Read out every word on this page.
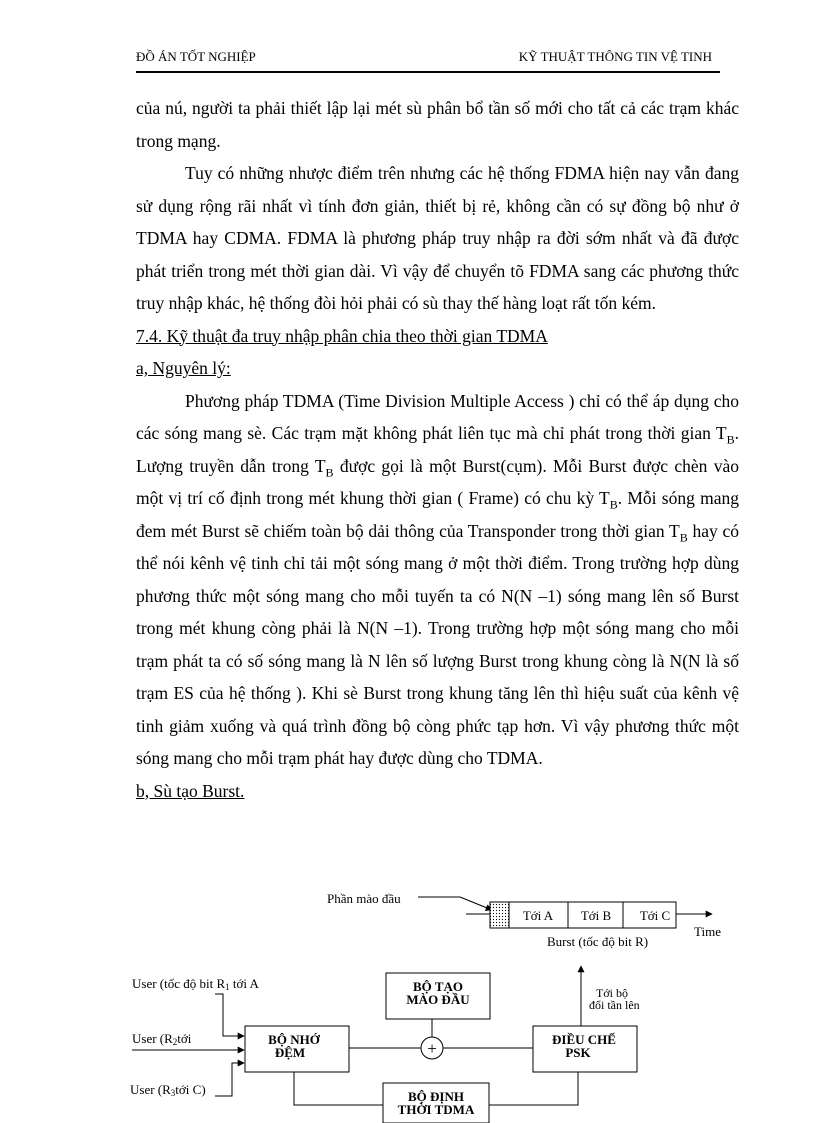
ĐỒ ÁN TỐT NGHIỆP	KỸ THUẬT THÔNG TIN VỆ TINH

của nú, người ta phải thiết lập lại mét sù phân bổ tần số mới cho tất cả các trạm khác trong mạng.

Tuy có những nhược điểm trên nhưng các hệ thống FDMA hiện nay vẫn đang sử dụng rộng rãi nhất vì tính đơn giản, thiết bị rẻ, không cần có sự đồng bộ như ở TDMA hay CDMA. FDMA là phương pháp truy nhập ra đời sớm nhất và đã được phát triển trong mét thời gian dài. Vì vậy để chuyển tõ FDMA sang các phương thức truy nhập khác, hệ thống đòi hỏi phải có sù thay thế hàng loạt rất tốn kém.

7.4. Kỹ thuật đa truy nhập phân chia theo thời gian TDMA

a, Nguyên lý:

Phương pháp TDMA (Time Division Multiple Access ) chỉ có thể áp dụng cho các sóng mang sè. Các trạm mặt không phát liên tục mà chỉ phát trong thời gian $T_B$. Lượng truyền dẫn trong $T_B$ được gọi là một Burst(cụm). Mỗi Burst được chèn vào một vị trí cố định trong mét khung thời gian ( Frame) có chu kỳ $T_B$. Mỗi sóng mang đem mét Burst sẽ chiếm toàn bộ dải thông của Transponder trong thời gian $T_B$ hay có thể nói kênh vệ tinh chỉ tải một sóng mang ở một thời điểm. Trong trường hợp dùng phương thức một sóng mang cho mỗi tuyến ta có N(N –1) sóng mang lên số Burst trong mét khung còng phải là N(N –1). Trong trường hợp một sóng mang cho mỗi trạm phát ta có số sóng mang là N lên số lượng Burst trong khung còng là N(N là số trạm ES của hệ thống ). Khi sè Burst trong khung tăng lên thì hiệu suất của kênh vệ tinh giảm xuống và quá trình đồng bộ còng phức tạp hơn. Vì vậy phương thức một sóng mang cho mỗi trạm phát hay được dùng cho TDMA.

b, Sù tạo Burst.

Phần mào đầu
Tới A Tới B Tới C
Time
Burst (tốc độ bit R)
User (tốc độ bit R1 tới A
User (R2tới
User (R3tới C)
BỘ NHỚ
ĐỆM
BỘ TẠO
MÀO ĐẦU
+	ĐIỀU CHẾ
PSK
Tới bộ
đổi tần lên
BỘ ĐỊNH
THỜI TDMA
